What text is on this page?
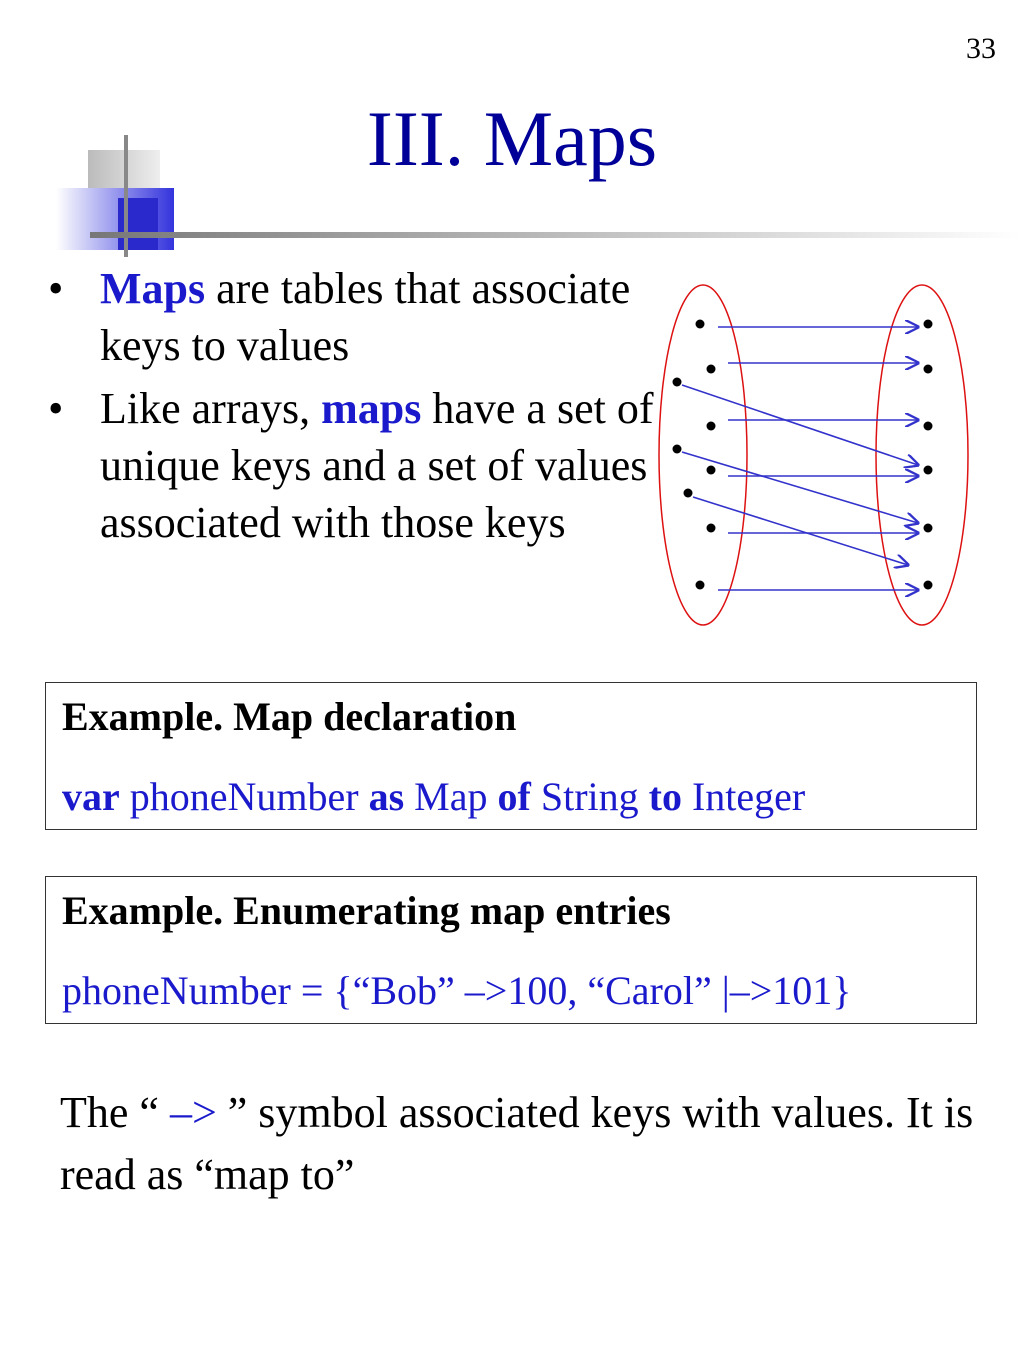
33
III. Maps
• Maps are tables that associate keys to values
• Like arrays, maps have a set of unique keys and a set of values associated with those keys
Example. Map declaration
var phoneNumber as Map of String to Integer
Example. Enumerating map entries
phoneNumber = {“Bob” –>100, “Carol” |–>101}
The “ –> ” symbol associated keys with values. It is read as “map to”
